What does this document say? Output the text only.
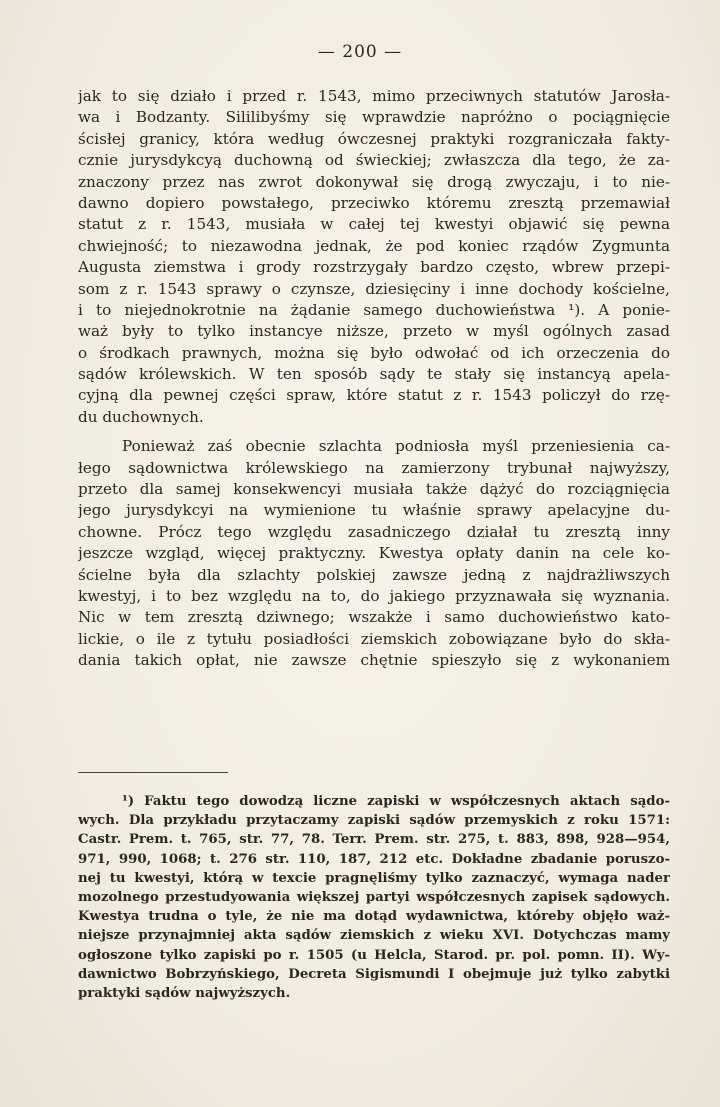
— 200 —
jak to się działo i przed r. 1543, mimo przeciwnych statutów Jarosła-
wa i Bodzanty. Sililibyśmy się wprawdzie napróżno o pociągnięcie
ścisłej granicy, która według ówczesnej praktyki rozgraniczała fakty-
cznie jurysdykcyą duchowną od świeckiej; zwłaszcza dla tego, że za-
znaczony przez nas zwrot dokonywał się drogą zwyczaju, i to nie-
dawno dopiero powstałego, przeciwko któremu zresztą przemawiał
statut z r. 1543, musiała w całej tej kwestyi objawić się pewna
chwiejność; to niezawodna jednak, że pod koniec rządów Zygmunta
Augusta ziemstwa i grody rozstrzygały bardzo często, wbrew przepi-
som z r. 1543 sprawy o czynsze, dziesięciny i inne dochody kościelne,
i to niejednokrotnie na żądanie samego duchowieństwa ¹). A ponie-
waż były to tylko instancye niższe, przeto w myśl ogólnych zasad
o środkach prawnych, można się było odwołać od ich orzeczenia do
sądów królewskich. W ten sposób sądy te stały się instancyą apela-
cyjną dla pewnej części spraw, które statut z r. 1543 policzył do rzę-
du duchownych.
Ponieważ zaś obecnie szlachta podniosła myśl przeniesienia ca-
łego sądownictwa królewskiego na zamierzony trybunał najwyższy,
przeto dla samej konsekwencyi musiała także dążyć do rozciągnięcia
jego jurysdykcyi na wymienione tu właśnie sprawy apelacyjne du-
chowne. Prócz tego względu zasadniczego działał tu zresztą inny
jeszcze wzgląd, więcej praktyczny. Kwestya opłaty danin na cele ko-
ścielne była dla szlachty polskiej zawsze jedną z najdrażliwszych
kwestyj, i to bez względu na to, do jakiego przyznawała się wyznania.
Nic w tem zresztą dziwnego; wszakże i samo duchowieństwo kato-
lickie, o ile z tytułu posiadłości ziemskich zobowiązane było do skła-
dania takich opłat, nie zawsze chętnie spieszyło się z wykonaniem
¹) Faktu tego dowodzą liczne zapiski w współczesnych aktach sądo-
wych. Dla przykładu przytaczamy zapiski sądów przemyskich z roku 1571:
Castr. Prem. t. 765, str. 77, 78. Terr. Prem. str. 275, t. 883, 898, 928—954,
971, 990, 1068; t. 276 str. 110, 187, 212 etc. Dokładne zbadanie poruszo-
nej tu kwestyi, którą w texcie pragnęliśmy tylko zaznaczyć, wymaga nader
mozolnego przestudyowania większej partyi współczesnych zapisek sądowych.
Kwestya trudna o tyle, że nie ma dotąd wydawnictwa, któreby objęło waż-
niejsze przynajmniej akta sądów ziemskich z wieku XVI. Dotychczas mamy
ogłoszone tylko zapiski po r. 1505 (u Helcla, Starod. pr. pol. pomn. II). Wy-
dawnictwo Bobrzyńskiego, Decreta Sigismundi I obejmuje już tylko zabytki
praktyki sądów najwyższych.
